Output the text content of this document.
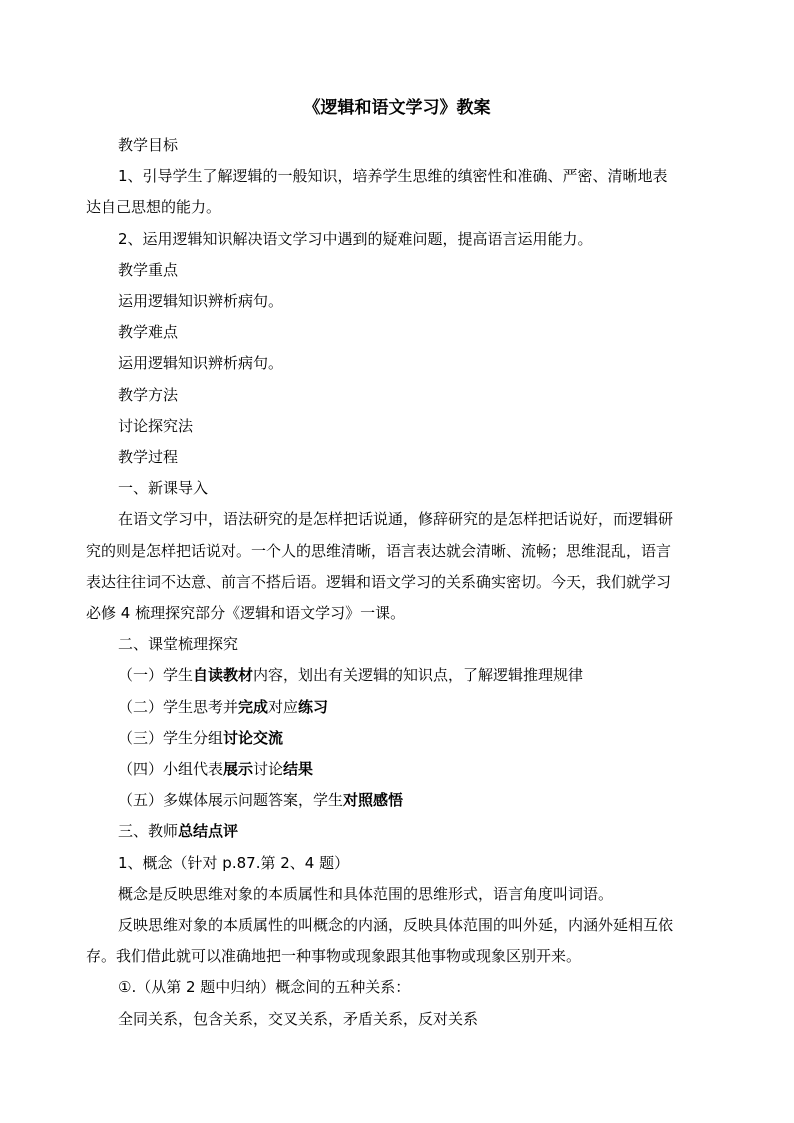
《逻辑和语文学习》教案

教学目标

1、引导学生了解逻辑的一般知识，培养学生思维的缜密性和准确、严密、清晰地表达自己思想的能力。

2、运用逻辑知识解决语文学习中遇到的疑难问题，提高语言运用能力。

教学重点

运用逻辑知识辨析病句。

教学难点

运用逻辑知识辨析病句。

教学方法

讨论探究法

教学过程

一、新课导入

在语文学习中，语法研究的是怎样把话说通，修辞研究的是怎样把话说好，而逻辑研究的则是怎样把话说对。一个人的思维清晰，语言表达就会清晰、流畅；思维混乱，语言表达往往词不达意、前言不搭后语。逻辑和语文学习的关系确实密切。今天，我们就学习必修 4 梳理探究部分《逻辑和语文学习》一课。

二、课堂梳理探究

（一）学生自读教材内容，划出有关逻辑的知识点，了解逻辑推理规律

（二）学生思考并完成对应练习

（三）学生分组讨论交流

（四）小组代表展示讨论结果

（五）多媒体展示问题答案，学生对照感悟

三、教师总结点评

1、概念（针对 p.87.第 2、4 题）

概念是反映思维对象的本质属性和具体范围的思维形式，语言角度叫词语。

反映思维对象的本质属性的叫概念的内涵，反映具体范围的叫外延，内涵外延相互依存。我们借此就可以准确地把一种事物或现象跟其他事物或现象区别开来。

①.（从第 2 题中归纳）概念间的五种关系：

全同关系，包含关系，交叉关系，矛盾关系，反对关系
